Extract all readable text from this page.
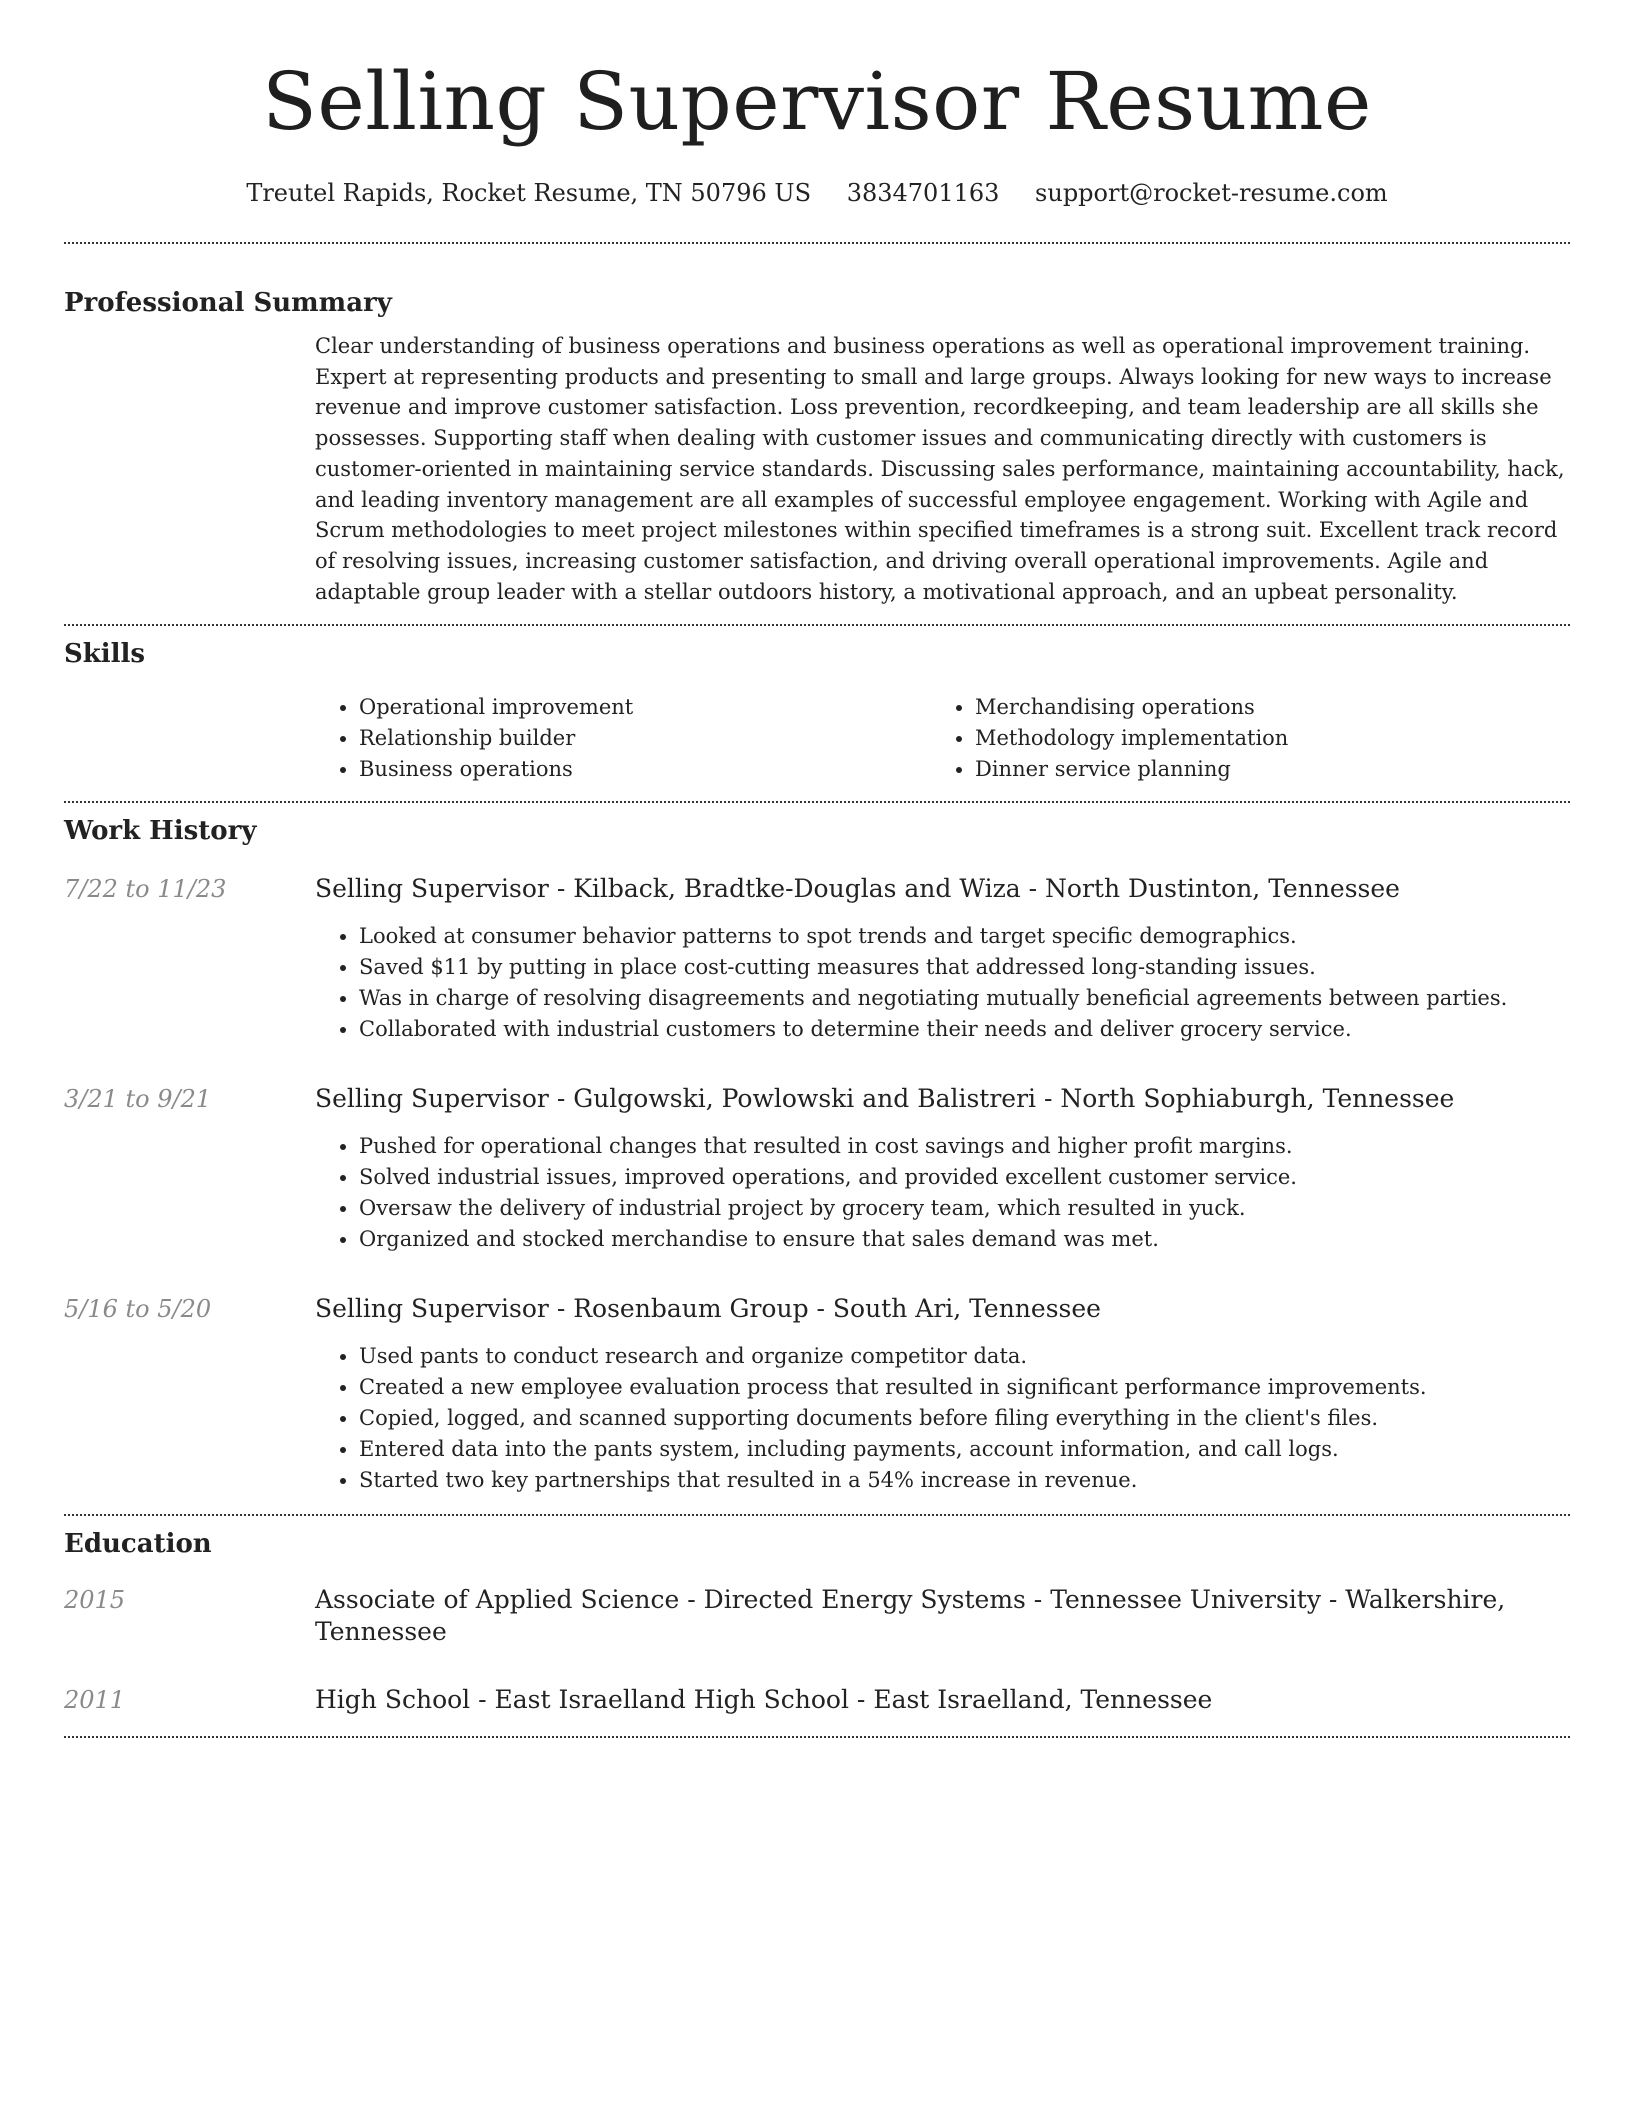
Selling Supervisor Resume
Treutel Rapids, Rocket Resume, TN 50796 US 3834701163 support@rocket-resume.com
Professional Summary

Clear understanding of business operations and business operations as well as operational improvement training. Expert at representing products and presenting to small and large groups. Always looking for new ways to increase revenue and improve customer satisfaction. Loss prevention, recordkeeping, and team leadership are all skills she possesses. Supporting staff when dealing with customer issues and communicating directly with customers is customer-oriented in maintaining service standards. Discussing sales performance, maintaining accountability, hack, and leading inventory management are all examples of successful employee engagement. Working with Agile and Scrum methodologies to meet project milestones within specified timeframes is a strong suit. Excellent track record of resolving issues, increasing customer satisfaction, and driving overall operational improvements. Agile and adaptable group leader with a stellar outdoors history, a motivational approach, and an upbeat personality.

Skills
• Operational improvement
• Relationship builder
• Business operations
• Merchandising operations
• Methodology implementation
• Dinner service planning
Work History
7/22 to 11/23	Selling Supervisor - Kilback, Bradtke-Douglas and Wiza - North Dustinton, Tennessee

• Looked at consumer behavior patterns to spot trends and target specific demographics.
• Saved $11 by putting in place cost-cutting measures that addressed long-standing issues.
• Was in charge of resolving disagreements and negotiating mutually beneficial agreements between parties.
• Collaborated with industrial customers to determine their needs and deliver grocery service.
3/21 to 9/21	Selling Supervisor - Gulgowski, Powlowski and Balistreri - North Sophiaburgh, Tennessee

• Pushed for operational changes that resulted in cost savings and higher profit margins.
• Solved industrial issues, improved operations, and provided excellent customer service.
• Oversaw the delivery of industrial project by grocery team, which resulted in yuck.
• Organized and stocked merchandise to ensure that sales demand was met.
5/16 to 5/20	Selling Supervisor - Rosenbaum Group - South Ari, Tennessee

• Used pants to conduct research and organize competitor data.
• Created a new employee evaluation process that resulted in significant performance improvements.
• Copied, logged, and scanned supporting documents before filing everything in the client's files.
• Entered data into the pants system, including payments, account information, and call logs.
• Started two key partnerships that resulted in a 54% increase in revenue.
Education
2015	Associate of Applied Science - Directed Energy Systems - Tennessee University - Walkershire, Tennessee

2011	High School - East Israelland High School - East Israelland, Tennessee
